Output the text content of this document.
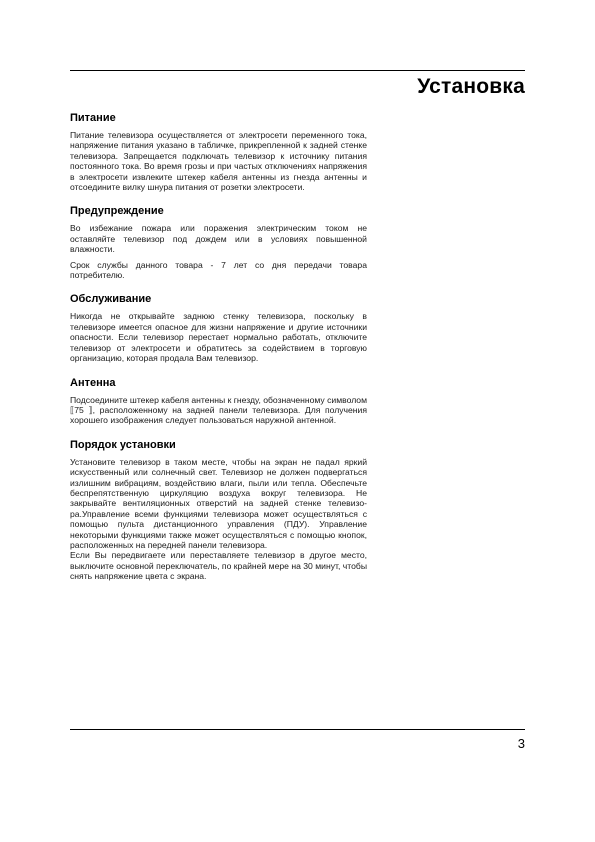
Установка
Питание

Питание телевизора осуществляется от электросети переменного тока, напряжение питания указано в табличке, прикрепленной к задней стенке телевизора. Запрещается подключать телевизор к источнику питания постоянного тока. Во время грозы и при частых отключениях напряжения в электросети извлеките штекер кабеля антенны из гнезда антенны и отсоедините вилку шнура питания от розетки электросети.

Предупреждение

Во избежание пожара или поражения электрическим током не оставляйте телевизор под дождем или в условиях повышенной влажности.

Срок службы данного товара - 7 лет со дня передачи товара потребителю.

Обслуживание

Никогда не открывайте заднюю стенку телевизора, поскольку в телевизоре имеется опасное для жизни напряжение и другие источники опасности. Если телевизор перестает нормально работать, отключите телевизор от электросети и обратитесь за содействием в торговую организацию, которая продала Вам телевизор.

Антенна

Подсоедините штекер кабеля антенны к гнезду, обозначенному символом ⟦75 ⟧, расположенному на задней панели телевизора. Для получения хорошего изображения следует пользоваться наружной антенной.

Порядок установки

Установите телевизор в таком месте, чтобы на экран не падал яркий искусственный или солнечный свет. Телевизор не должен подвергаться излишним вибрациям, воздействию влаги, пыли или тепла. Обеспечьте беспрепятственную циркуляцию воздуха вокруг телевизора. Не закрывайте вентиляционных отверстий на задней стенке телевизо-ра.Управление всеми функциями телевизора может осуществляться с помощью пульта дистанционного управления (ПДУ). Управление некоторыми функциями также может осуществляться с помощью кнопок, расположенных на передней панели телевизора.

Если Вы передвигаете или переставляете телевизор в другое место, выключите основной переключатель, по крайней мере на 30 минут, чтобы снять напряжение цвета с экрана.

3
